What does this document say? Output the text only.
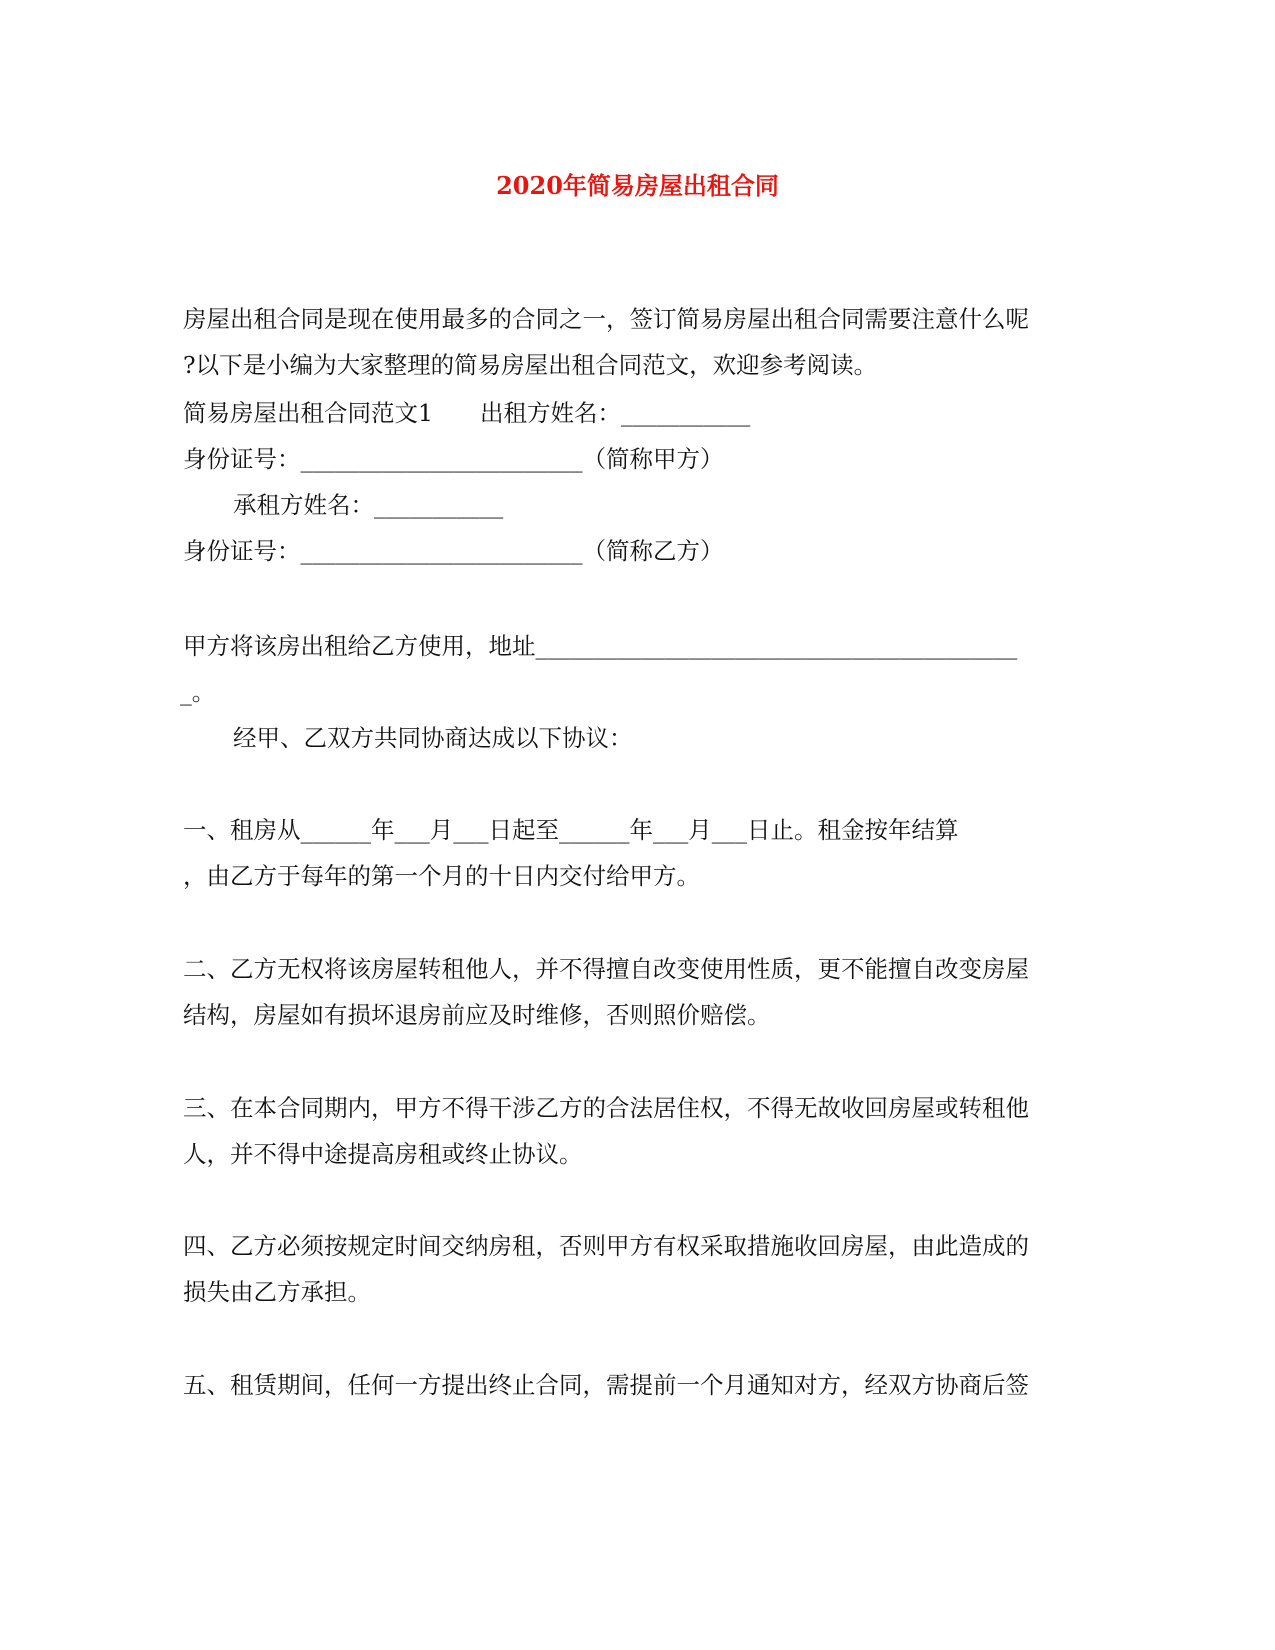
2020年简易房屋出租合同
房屋出租合同是现在使用最多的合同之一，签订简易房屋出租合同需要注意什么呢
?以下是小编为大家整理的简易房屋出租合同范文，欢迎参考阅读。
简易房屋出租合同范文1　　出租方姓名：___________
身份证号：________________________（简称甲方）
承租方姓名：___________
身份证号：________________________（简称乙方）
甲方将该房出租给乙方使用，地址_________________________________________
_。
经甲、乙双方共同协商达成以下协议：
一、租房从______年___月___日起至______年___月___日止。租金按年结算
，由乙方于每年的第一个月的十日内交付给甲方。
二、乙方无权将该房屋转租他人，并不得擅自改变使用性质，更不能擅自改变房屋
结构，房屋如有损坏退房前应及时维修，否则照价赔偿。
三、在本合同期内，甲方不得干涉乙方的合法居住权，不得无故收回房屋或转租他
人，并不得中途提高房租或终止协议。
四、乙方必须按规定时间交纳房租，否则甲方有权采取措施收回房屋，由此造成的
损失由乙方承担。
五、租赁期间，任何一方提出终止合同，需提前一个月通知对方，经双方协商后签
